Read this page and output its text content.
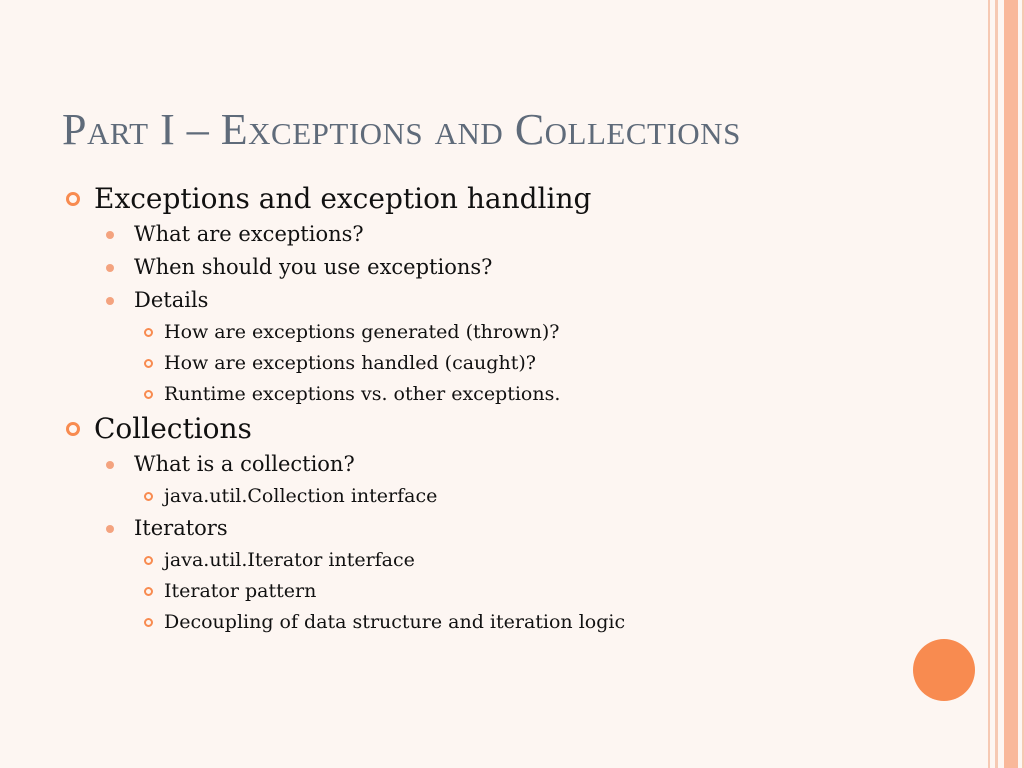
Part I – Exceptions and Collections
Exceptions and exception handling
What are exceptions?
When should you use exceptions?
Details
How are exceptions generated (thrown)?
How are exceptions handled (caught)?
Runtime exceptions vs. other exceptions.
Collections
What is a collection?
java.util.Collection interface
Iterators
java.util.Iterator interface
Iterator pattern
Decoupling of data structure and iteration logic
